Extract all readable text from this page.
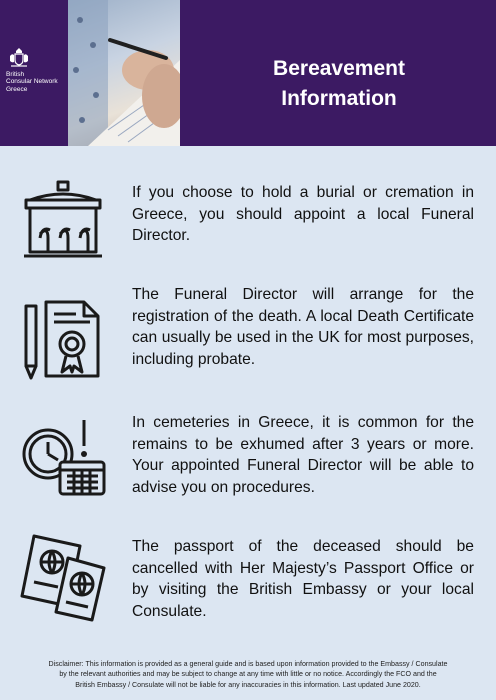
British
Consular Network
Greece
Bereavement
Information
If you choose to hold a burial or cremation in Greece, you should appoint a local Funeral Director.
The Funeral Director will arrange for the registration of the death. A local Death Certificate can usually be used in the UK for most purposes, including probate.
In cemeteries in Greece, it is common for the remains to be exhumed after 3 years or more. Your appointed Funeral Director will be able to advise you on procedures.
The passport of the deceased should be cancelled with Her Majesty’s Passport Office or by visiting the British Embassy or your local Consulate.
Disclaimer: This information is provided as a general guide and is based upon information provided to the Embassy / Consulate
by the relevant authorities and may be subject to change at any time with little or no notice. Accordingly the FCO and the
British Embassy / Consulate will not be liable for any inaccuracies in this information. Last updated June 2020.
